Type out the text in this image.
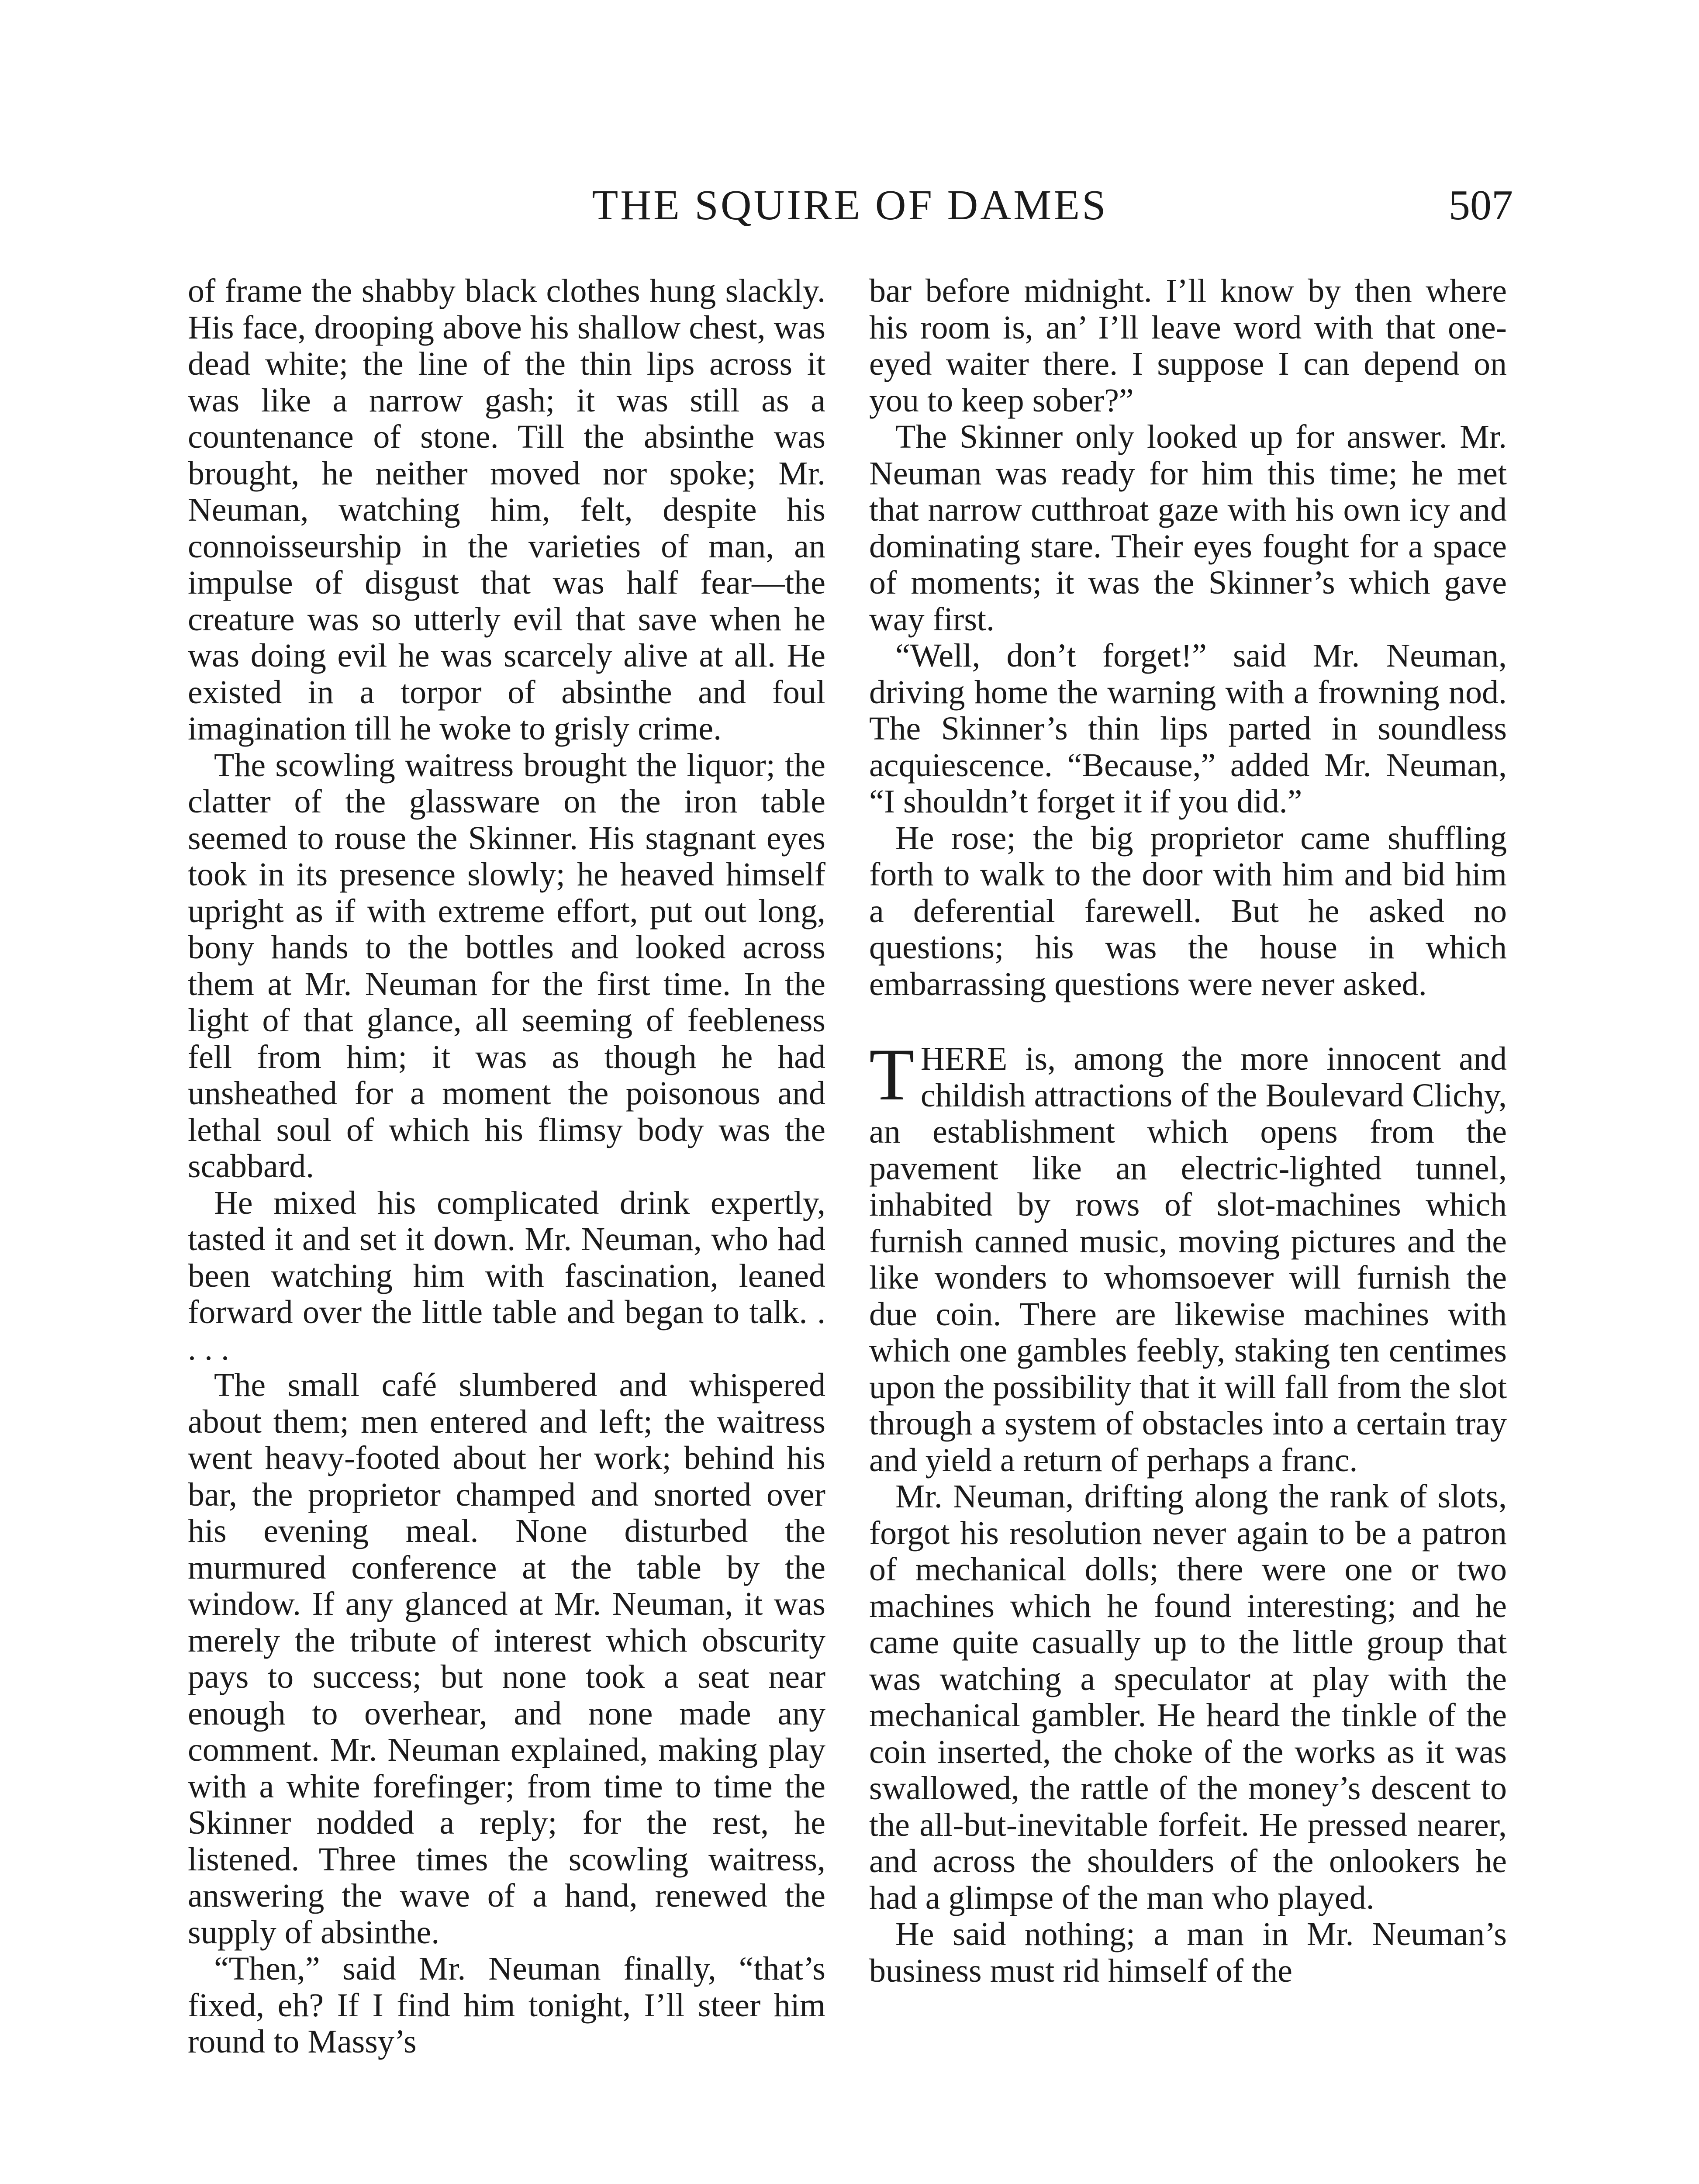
THE SQUIRE OF DAMES	507

of frame the shabby black clothes hung slackly. His face, drooping above his shallow chest, was dead white; the line of the thin lips across it was like a narrow gash; it was still as a countenance of stone. Till the absinthe was brought, he neither moved nor spoke; Mr. Neuman, watching him, felt, despite his connoisseurship in the varieties of man, an impulse of disgust that was half fear—the creature was so utterly evil that save when he was doing evil he was scarcely alive at all. He existed in a torpor of absinthe and foul imagination till he woke to grisly crime.

The scowling waitress brought the liquor; the clatter of the glassware on the iron table seemed to rouse the Skinner. His stagnant eyes took in its presence slowly; he heaved himself upright as if with extreme effort, put out long, bony hands to the bottles and looked across them at Mr. Neuman for the first time. In the light of that glance, all seeming of feebleness fell from him; it was as though he had unsheathed for a moment the poisonous and lethal soul of which his flimsy body was the scabbard.

He mixed his complicated drink expertly, tasted it and set it down. Mr. Neuman, who had been watching him with fascination, leaned forward over the little table and began to talk. . . . .

The small café slumbered and whispered about them; men entered and left; the waitress went heavy-footed about her work; behind his bar, the proprietor champed and snorted over his evening meal. None disturbed the murmured conference at the table by the window. If any glanced at Mr. Neuman, it was merely the tribute of interest which obscurity pays to success; but none took a seat near enough to overhear, and none made any comment. Mr. Neuman explained, making play with a white forefinger; from time to time the Skinner nodded a reply; for the rest, he listened. Three times the scowling waitress, answering the wave of a hand, renewed the supply of absinthe.

“Then,” said Mr. Neuman finally, “that’s fixed, eh? If I find him tonight, I’ll steer him round to Massy’s

bar before midnight. I’ll know by then where his room is, an’ I’ll leave word with that one-eyed waiter there. I suppose I can depend on you to keep sober?”

The Skinner only looked up for answer. Mr. Neuman was ready for him this time; he met that narrow cutthroat gaze with his own icy and dominating stare. Their eyes fought for a space of moments; it was the Skinner’s which gave way first.

“Well, don’t forget!” said Mr. Neuman, driving home the warning with a frowning nod. The Skinner’s thin lips parted in soundless acquiescence. “Because,” added Mr. Neuman, “I shouldn’t forget it if you did.”

He rose; the big proprietor came shuffling forth to walk to the door with him and bid him a deferential farewell. But he asked no questions; his was the house in which embarrassing questions were never asked.

THERE is, among the more innocent and childish attractions of the Boulevard Clichy, an establishment which opens from the pavement like an electric-lighted tunnel, inhabited by rows of slot-machines which furnish canned music, moving pictures and the like wonders to whomsoever will furnish the due coin. There are likewise machines with which one gambles feebly, staking ten centimes upon the possibility that it will fall from the slot through a system of obstacles into a certain tray and yield a return of perhaps a franc.

Mr. Neuman, drifting along the rank of slots, forgot his resolution never again to be a patron of mechanical dolls; there were one or two machines which he found interesting; and he came quite casually up to the little group that was watching a speculator at play with the mechanical gambler. He heard the tinkle of the coin inserted, the choke of the works as it was swallowed, the rattle of the money’s descent to the all-but-inevitable forfeit. He pressed nearer, and across the shoulders of the onlookers he had a glimpse of the man who played.

He said nothing; a man in Mr. Neuman’s business must rid himself of the
